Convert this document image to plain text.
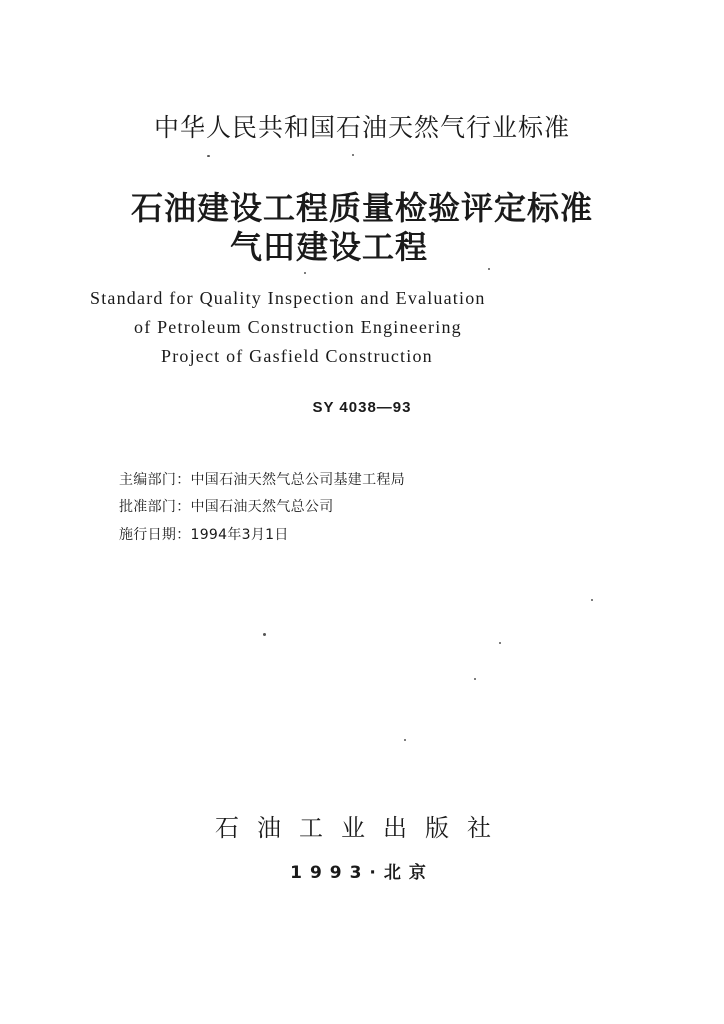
中华人民共和国石油天然气行业标准
石油建设工程质量检验评定标准
气田建设工程
Standard for Quality Inspection and Evaluation
of Petroleum Construction Engineering
Project of Gasfield Construction
SY 4038—93
主编部门：中国石油天然气总公司基建工程局
批准部门：中国石油天然气总公司
施行日期：1994年3月1日
石油工业出版社
1993·北京
